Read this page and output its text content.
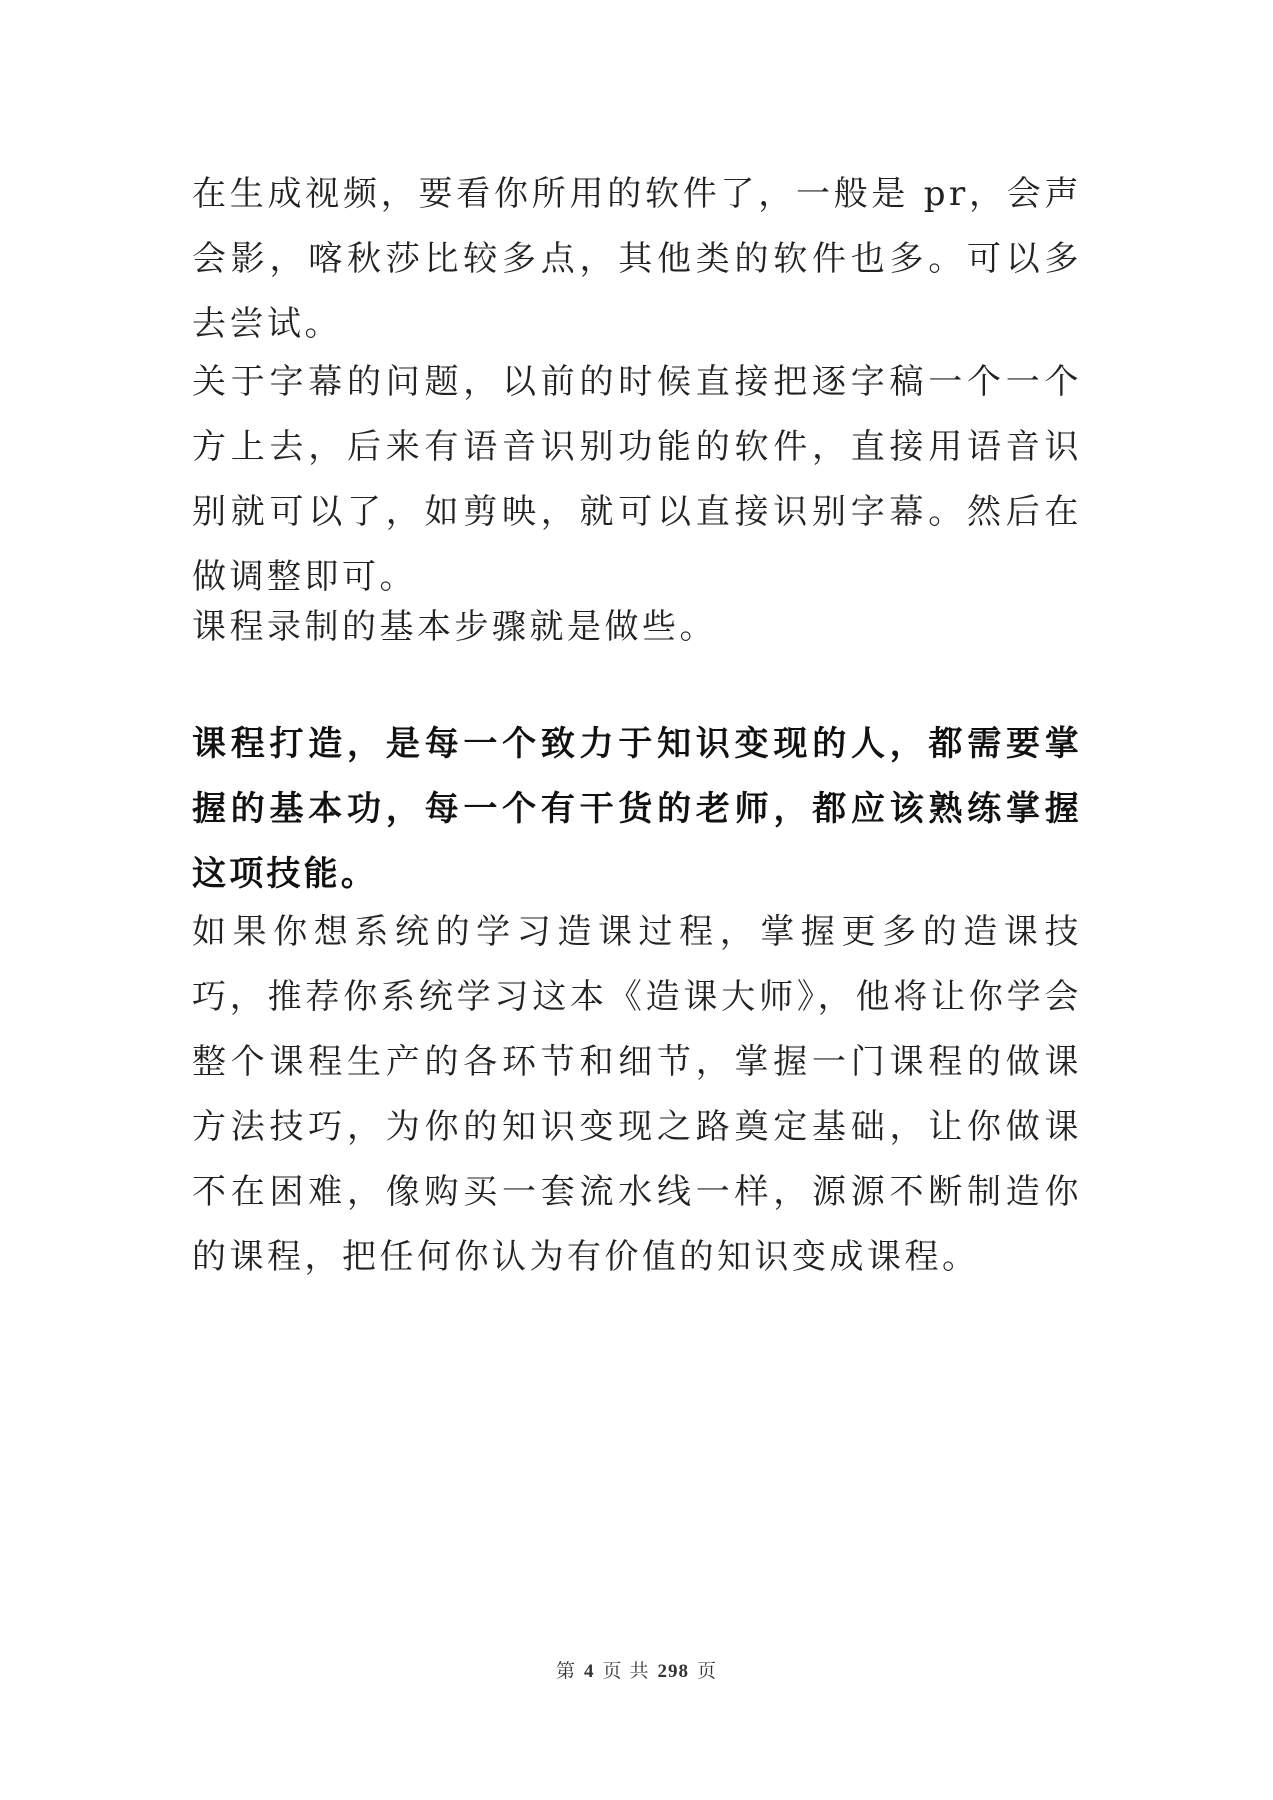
在生成视频，要看你所用的软件了，一般是 pr，会声会影，喀秋莎比较多点，其他类的软件也多。可以多去尝试。

关于字幕的问题，以前的时候直接把逐字稿一个一个方上去，后来有语音识别功能的软件，直接用语音识别就可以了，如剪映，就可以直接识别字幕。然后在做调整即可。

课程录制的基本步骤就是做些。

课程打造，是每一个致力于知识变现的人，都需要掌握的基本功，每一个有干货的老师，都应该熟练掌握这项技能。

如果你想系统的学习造课过程，掌握更多的造课技巧，推荐你系统学习这本《造课大师》，他将让你学会整个课程生产的各环节和细节，掌握一门课程的做课方法技巧，为你的知识变现之路奠定基础，让你做课不在困难，像购买一套流水线一样，源源不断制造你的课程，把任何你认为有价值的知识变成课程。

第 4 页 共 298 页
